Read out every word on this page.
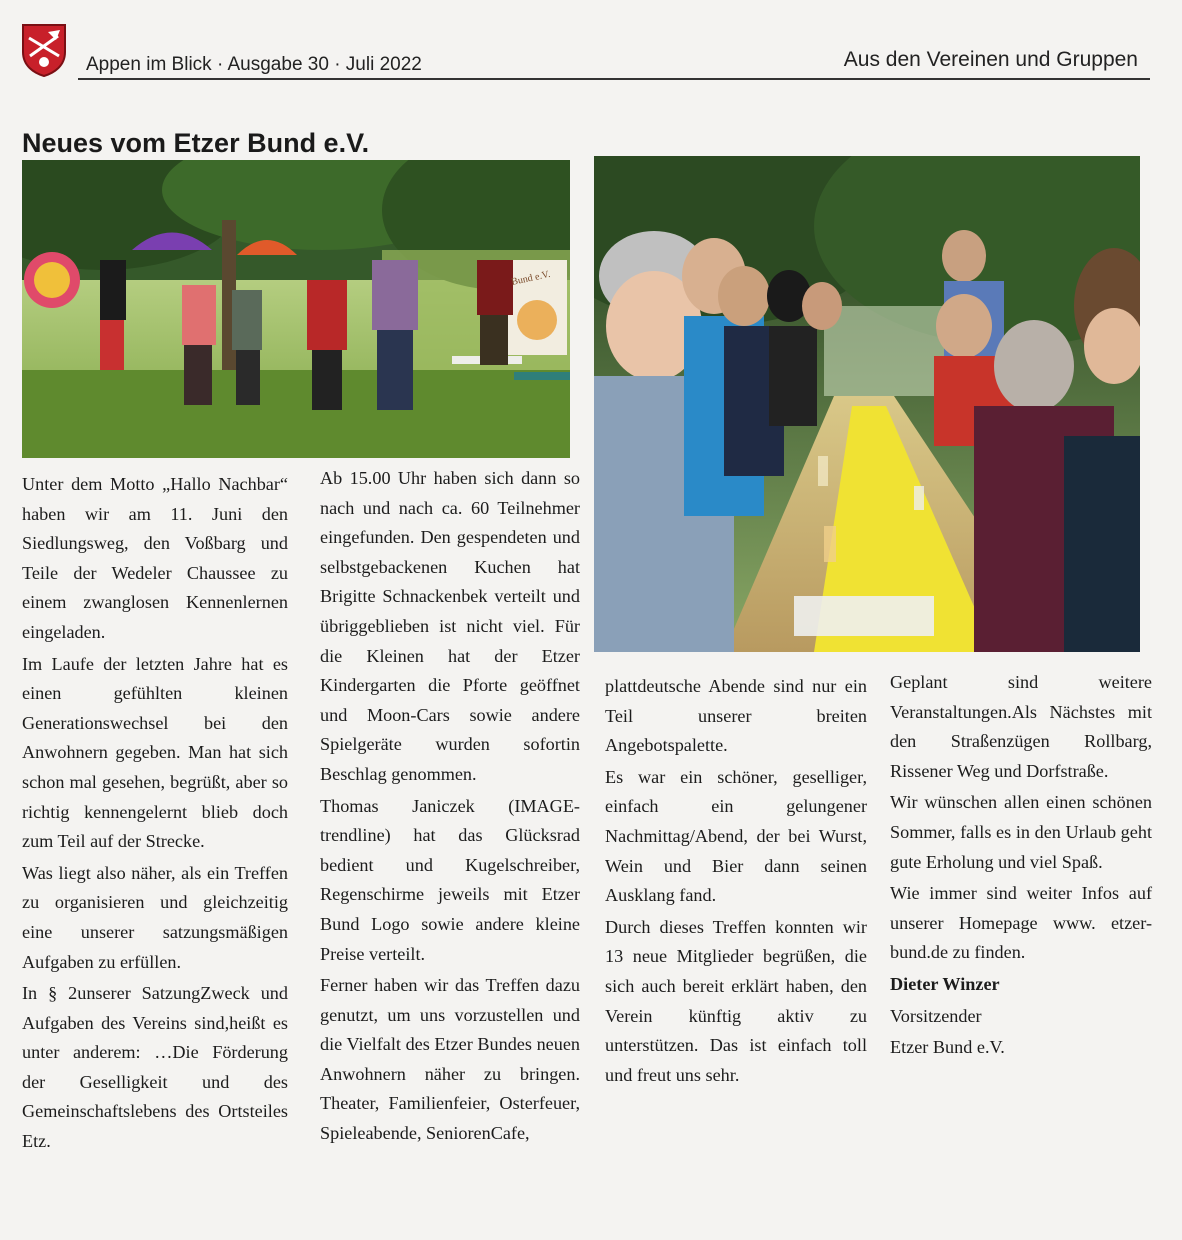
Appen im Blick · Ausgabe 30 · Juli 2022	Aus den Vereinen und Gruppen
Neues vom Etzer Bund e.V.
Bund e.V.

Unter dem Motto „Hallo Nachbar“ haben wir am 11. Juni den Siedlungsweg, den Voßbarg und Teile der Wedeler Chaussee zu einem zwanglosen Kennenlernen eingeladen.

Im Laufe der letzten Jahre hat es einen gefühlten kleinen Generationswechsel bei den Anwohnern gegeben. Man hat sich schon mal gesehen, begrüßt, aber so richtig kennengelernt blieb doch zum Teil auf der Strecke.

Was liegt also näher, als ein Treffen zu organisieren und gleichzeitig eine unserer satzungsmäßigen Aufgaben zu erfüllen.

In § 2unserer SatzungZweck und Aufgaben des Vereins sind,heißt es unter anderem: …Die Förderung der Geselligkeit und des Gemeinschaftslebens des Ortsteiles Etz.

Ab 15.00 Uhr haben sich dann so nach und nach ca. 60 Teilnehmer eingefunden. Den gespendeten und selbstgebackenen Kuchen hat Brigitte Schnackenbek verteilt und übriggeblieben ist nicht viel. Für die Kleinen hat der Etzer Kindergarten die Pforte geöffnet und Moon-Cars sowie andere Spielgeräte wurden sofortin Beschlag genommen.

Thomas Janiczek (IMAGE-trendline) hat das Glücksrad bedient und Kugelschreiber, Regenschirme jeweils mit Etzer Bund Logo sowie andere kleine Preise verteilt.

Ferner haben wir das Treffen dazu genutzt, um uns vorzustellen und die Vielfalt des Etzer Bundes neuen Anwohnern näher zu bringen. Theater, Familienfeier, Osterfeuer, Spieleabende, SeniorenCafe,

plattdeutsche Abende sind nur ein Teil unserer breiten Angebotspalette.

Es war ein schöner, geselliger, einfach ein gelungener Nachmittag/Abend, der bei Wurst, Wein und Bier dann seinen Ausklang fand.

Durch dieses Treffen konnten wir 13 neue Mitglieder begrüßen, die sich auch bereit erklärt haben, den Verein künftig aktiv zu unterstützen. Das ist einfach toll und freut uns sehr.

Geplant sind weitere Veranstaltungen.Als Nächstes mit den Straßenzügen Rollbarg, Rissener Weg und Dorfstraße.

Wir wünschen allen einen schönen Sommer, falls es in den Urlaub geht gute Erholung und viel Spaß.

Wie immer sind weiter Infos auf unserer Homepage www. etzer-bund.de zu finden.

Dieter Winzer

Vorsitzender

Etzer Bund e.V.
